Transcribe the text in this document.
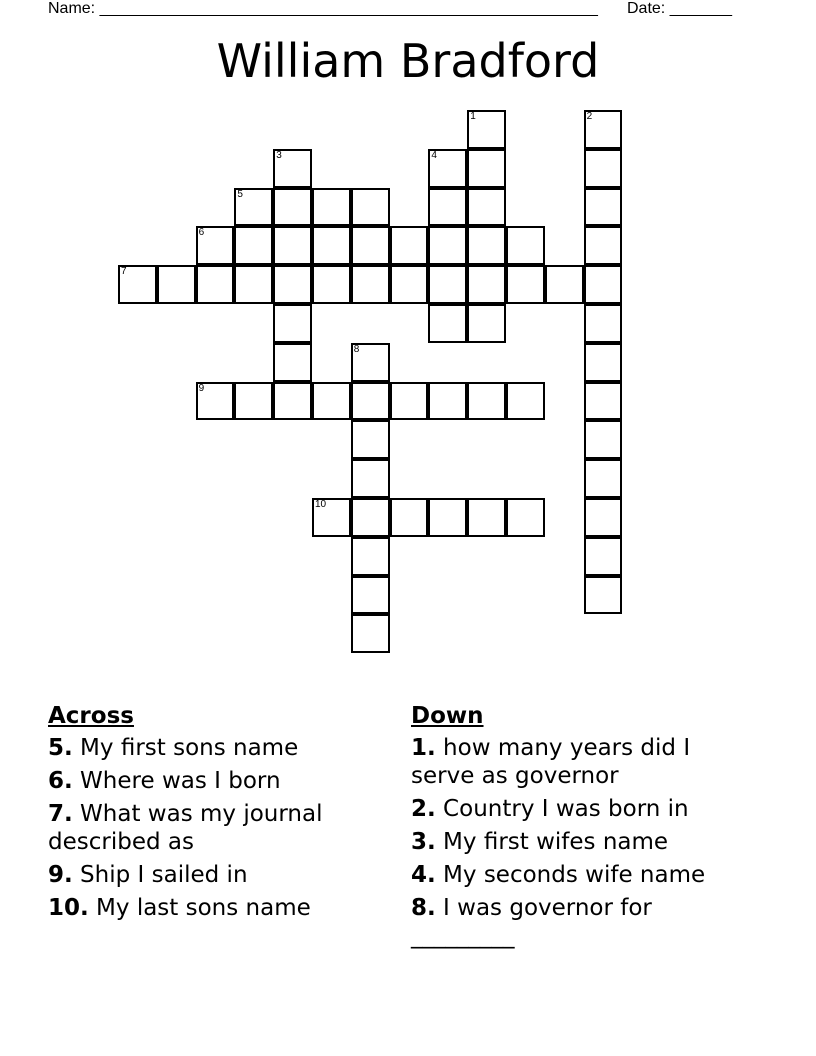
Name: ________________________________________________________ Date: _______
William Bradford
1	2
3	4
5
6
7
8
9
10
Across
5. My first sons name
6. Where was I born
7. What was my journal described as
9. Ship I sailed in
10. My last sons name
Down
1. how many years did I serve as governor
2. Country I was born in
3. My first wifes name
4. My seconds wife name
8. I was governor for _________
